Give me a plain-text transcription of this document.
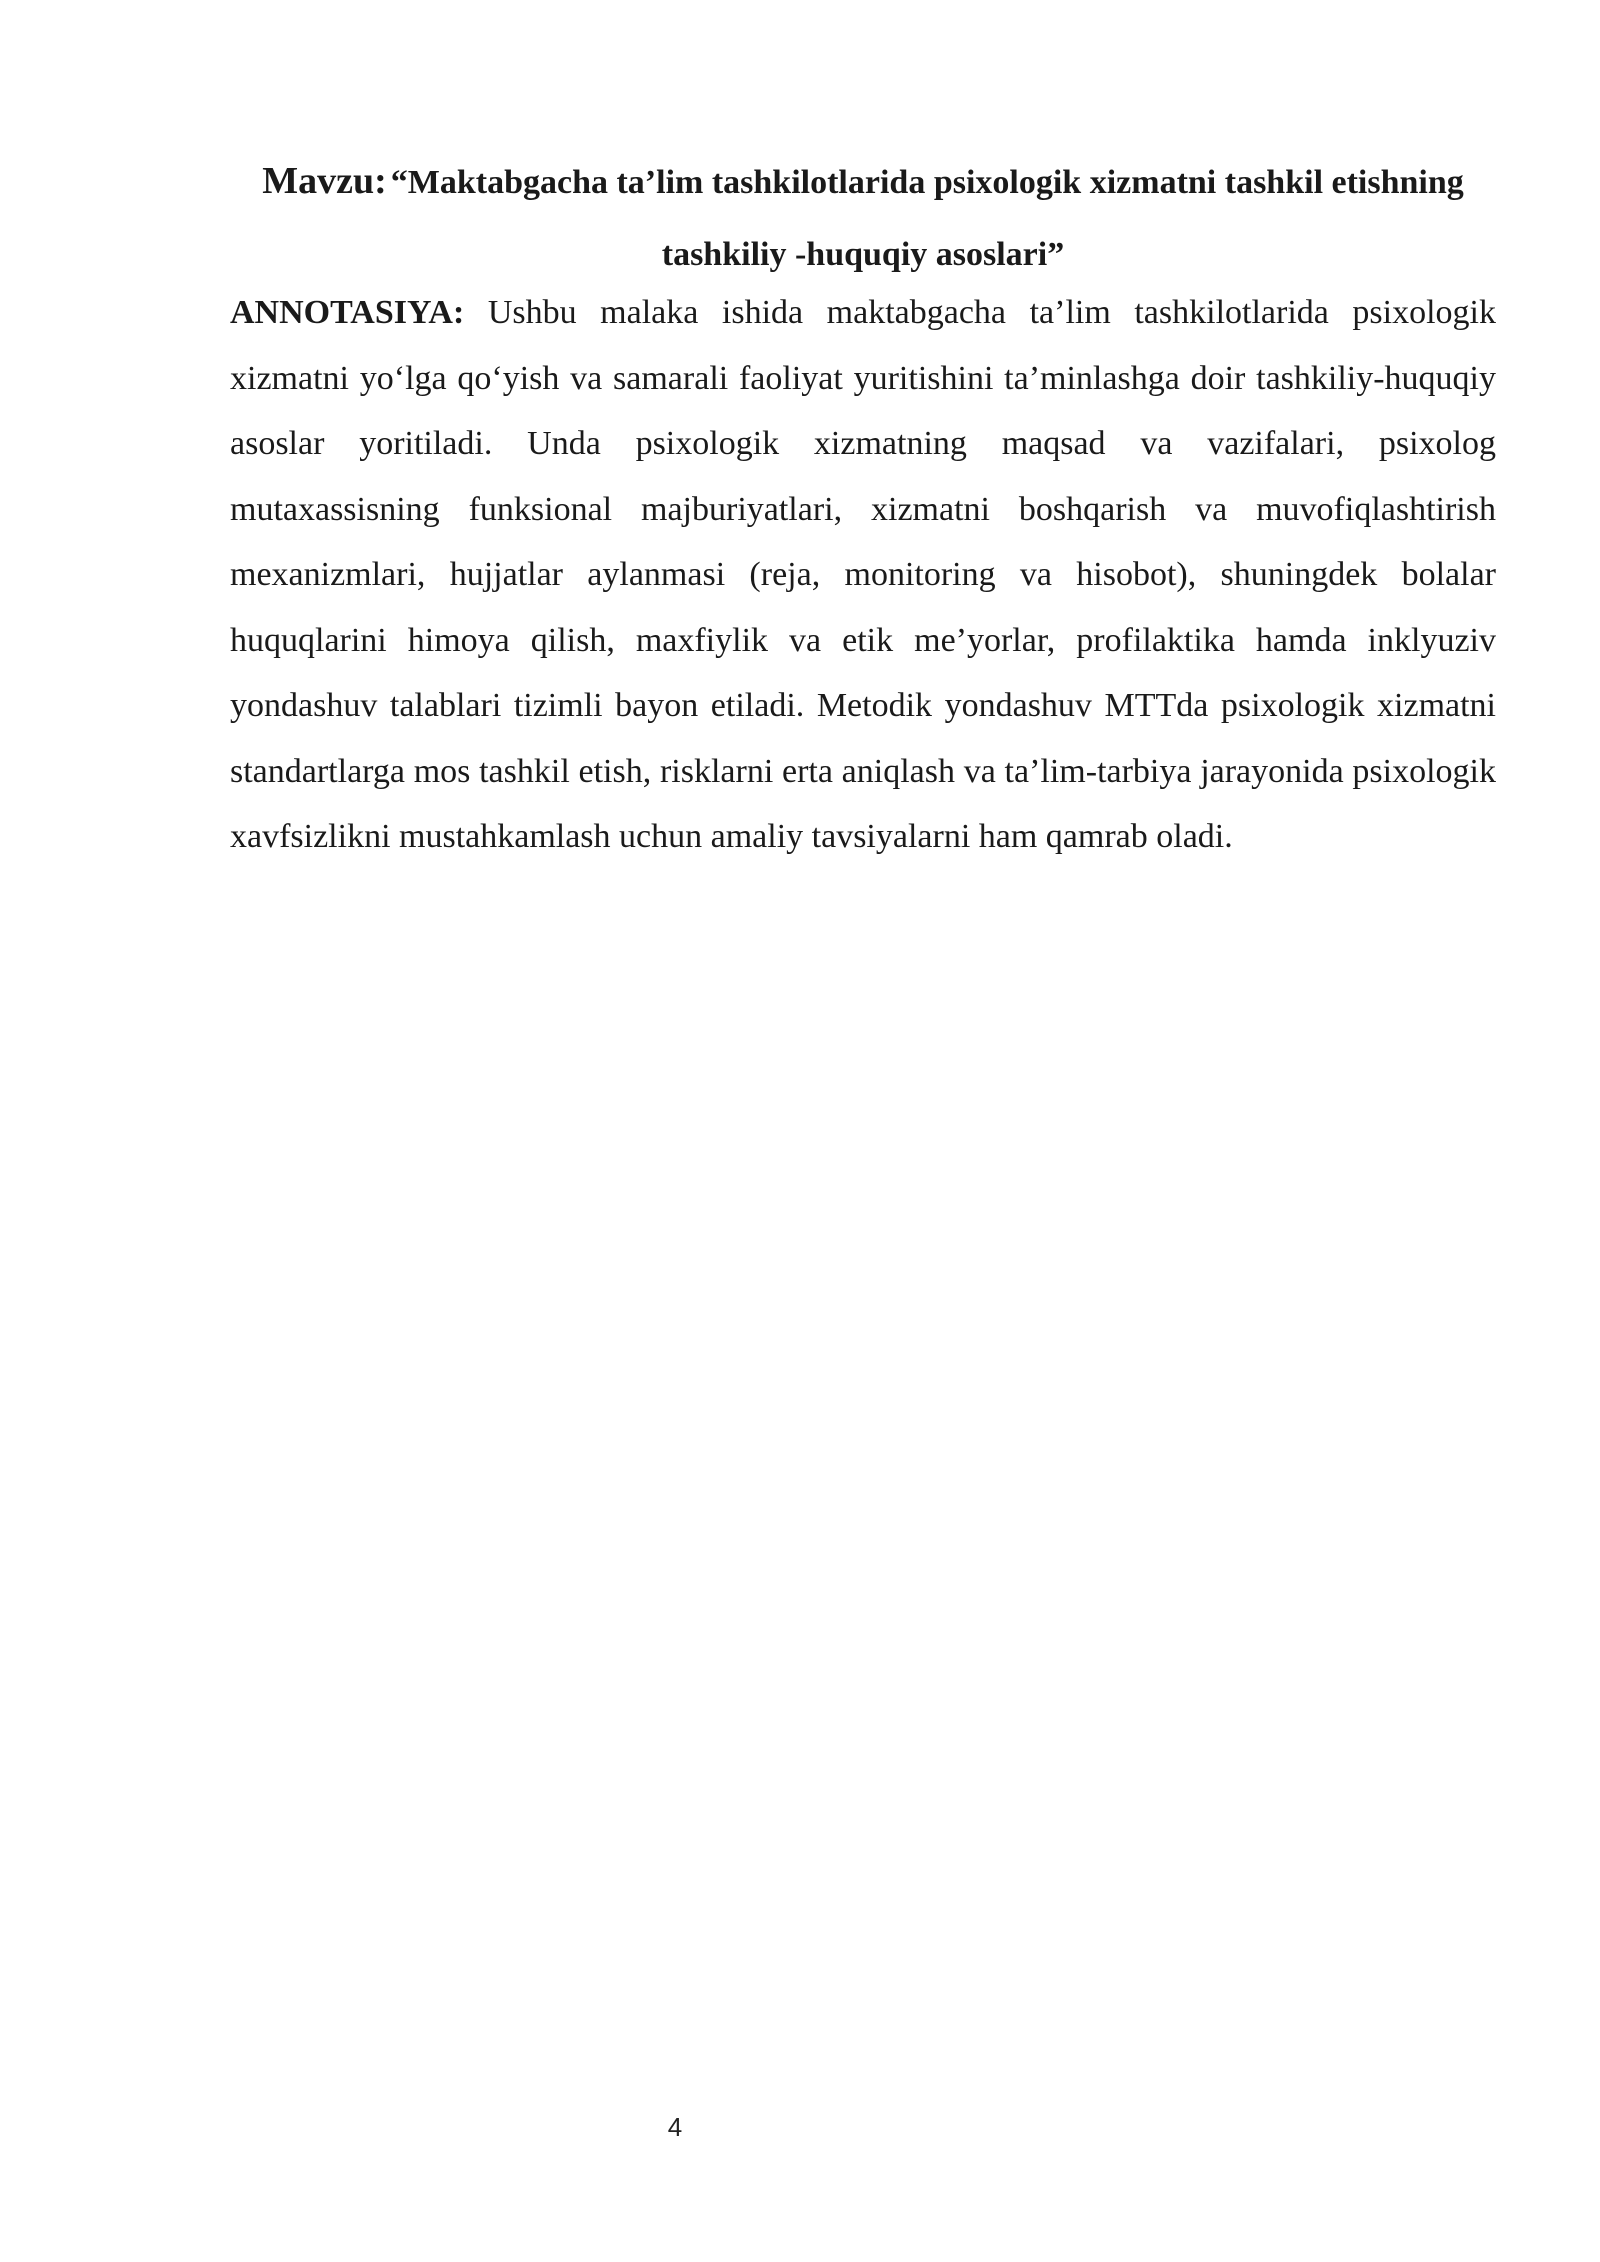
Mavzu: “Maktabgacha ta’lim tashkilotlarida psixologik xizmatni tashkil etishning tashkiliy -huquqiy asoslari”

ANNOTASIYA: Ushbu malaka ishida maktabgacha ta’lim tashkilotlarida psixologik xizmatni yo‘lga qo‘yish va samarali faoliyat yuritishini ta’minlashga doir tashkiliy-huquqiy asoslar yoritiladi. Unda psixologik xizmatning maqsad va vazifalari, psixolog mutaxassisning funksional majburiyatlari, xizmatni boshqarish va muvofiqlashtirish mexanizmlari, hujjatlar aylanmasi (reja, monitoring va hisobot), shuningdek bolalar huquqlarini himoya qilish, maxfiylik va etik me’yorlar, profilaktika hamda inklyuziv yondashuv talablari tizimli bayon etiladi. Metodik yondashuv MTTda psixologik xizmatni standartlarga mos tashkil etish, risklarni erta aniqlash va ta’lim-tarbiya jarayonida psixologik xavfsizlikni mustahkamlash uchun amaliy tavsiyalarni ham qamrab oladi.

4
